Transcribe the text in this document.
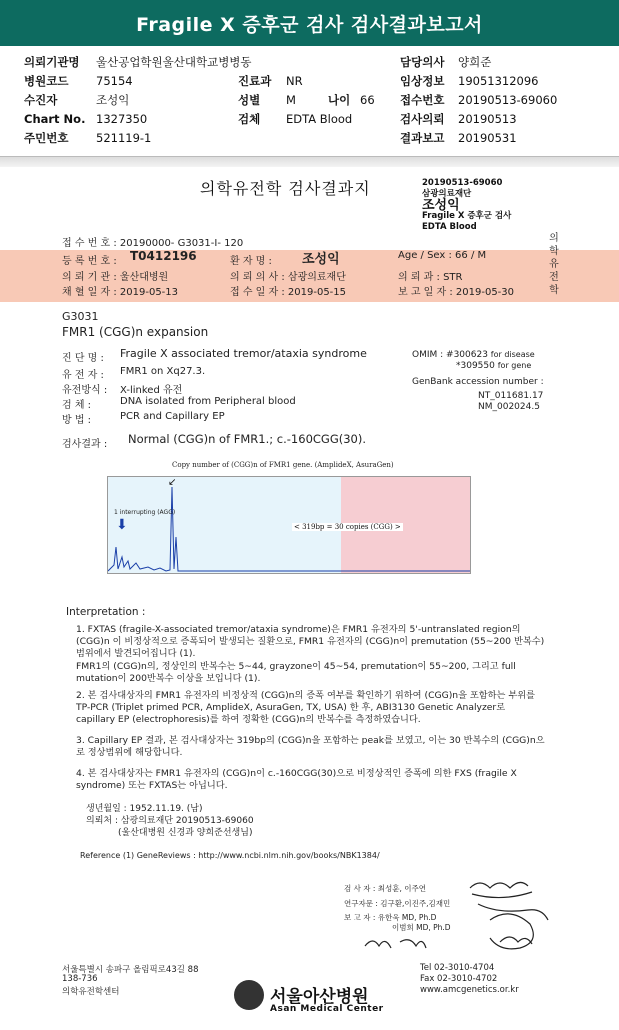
Fragile X 증후군 검사 검사결과보고서
의뢰기관명 울산공업학원울산대학교병병동	담당의사 양희준
병원코드 75154	진료과 NR	임상정보 19051312096
수진자	조성익	성별 M	나이 66 접수번호 20190513-69060
Chart No. 1327350	검체 EDTA Blood	검사의뢰 20190513
주민번호 521119-1	결과보고 20190531
의학유전학 검사결과지	20190513-69060
삼광의료재단
조성익
Fragile X 증후군 검사
EDTA Blood
의학유전학
접 수 번 호 : 20190000- G3031-I- 120
등 록 번 호 : T0412196	환 자 명 : 조성익	Age / Sex : 66 / M
의 뢰 기 관 : 울산대병원	의 뢰 의 사 : 삼광의료재단	의 뢰 과 : STR
채 혈 일 자 : 2019-05-13	접 수 일 자 : 2019-05-15	보 고 일 자 : 2019-05-30
G3031
FMR1 (CGG)n expansion
진 단 명 : Fragile X associated tremor/ataxia syndrome
유 전 자 : FMR1 on Xq27.3.
유전방식 : X-linked 유전
검 체 :	DNA isolated from Peripheral blood
방 법 :	PCR and Capillary EP
OMIM : #300623 for disease
*309550 for gene
GenBank accession number :
NT_011681.17
NM_002024.5
검사결과 : Normal (CGG)n of FMR1.; c.-160CGG(30).
Copy number of (CGG)n of FMR1 gene. (AmplideX, AsuraGen)
1 interrupting (AGG)
⬇
↙
< 319bp = 30 copies (CGG) >
Interpretation :
1. FXTAS (fragile-X-associated tremor/ataxia syndrome)은 FMR1 유전자의 5'-untranslated region의 (CGG)n 이 비정상적으로 증폭되어 발생되는 질환으로, FMR1 유전자의 (CGG)n이 premutation (55~200 반복수) 범위에서 발견되어집니다 (1).
FMR1의 (CGG)n의, 정상인의 반복수는 5~44, grayzone이 45~54, premutation이 55~200, 그리고 full mutation이 200반복수 이상을 보입니다 (1).
2. 본 검사대상자의 FMR1 유전자의 비정상적 (CGG)n의 증폭 여부를 확인하기 위하여 (CGG)n을 포함하는 부위를 TP-PCR (Triplet primed PCR, AmplideX, AsuraGen, TX, USA) 한 후, ABI3130 Genetic Analyzer로 capillary EP (electrophoresis)를 하여 정확한 (CGG)n의 반복수를 측정하였습니다.
3. Capillary EP 결과, 본 검사대상자는 319bp의 (CGG)n을 포함하는 peak를 보였고, 이는 30 반복수의 (CGG)n으로 정상범위에 해당합니다.
4. 본 검사대상자는 FMR1 유전자의 (CGG)n이 c.-160CGG(30)으로 비정상적인 증폭에 의한 FXS (fragile X syndrome) 또는 FXTAS는 아닙니다.
생년월일 : 1952.11.19. (남)
의뢰처 : 삼광의료재단 20190513-69060
(울산대병원 신경과 양희준선생님)
Reference (1) GeneReviews : http://www.ncbi.nlm.nih.gov/books/NBK1384/
검 사 자 : 최성훈, 이주연
연구자문 : 김구환,이진주,김재민
보 고 자 : 유한욱 MD, Ph.D
이범희 MD, Ph.D
서울특별시 송파구 올림픽로43길 88
138-736
의학유전학센터
Tel 02-3010-4704
Fax 02-3010-4702
www.amcgenetics.or.kr
서울아산병원
Asan Medical Center
